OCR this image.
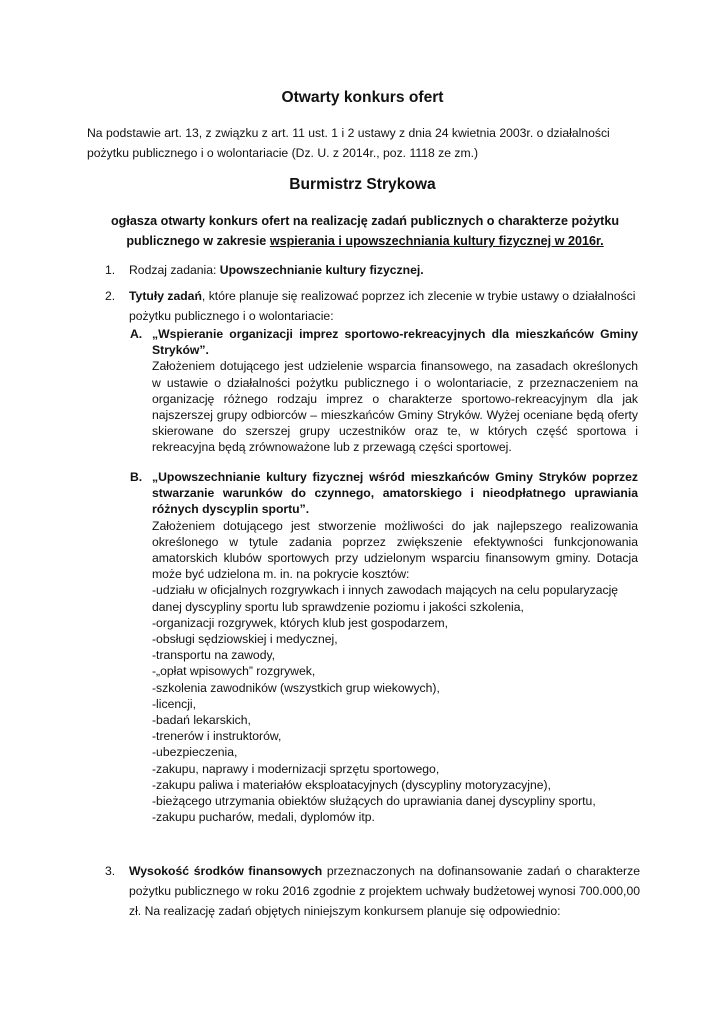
Otwarty konkurs ofert
Na podstawie art. 13, z związku z art. 11 ust. 1 i 2 ustawy z dnia 24 kwietnia 2003r. o działalności pożytku publicznego i o wolontariacie (Dz. U. z 2014r., poz. 1118 ze zm.)
Burmistrz Strykowa
ogłasza otwarty konkurs ofert na realizację zadań publicznych o charakterze pożytku publicznego w zakresie wspierania i upowszechniania kultury fizycznej w 2016r.
1. Rodzaj zadania: Upowszechnianie kultury fizycznej.
2. Tytuły zadań, które planuje się realizować poprzez ich zlecenie w trybie ustawy o działalności pożytku publicznego i o wolontariacie:
A. „Wspieranie organizacji imprez sportowo-rekreacyjnych dla mieszkańców Gminy Stryków”.
Założeniem dotującego jest udzielenie wsparcia finansowego, na zasadach określonych w ustawie o działalności pożytku publicznego i o wolontariacie, z przeznaczeniem na organizację różnego rodzaju imprez o charakterze sportowo-rekreacyjnym dla jak najszerszej grupy odbiorców – mieszkańców Gminy Stryków. Wyżej oceniane będą oferty skierowane do szerszej grupy uczestników oraz te, w których część sportowa i rekreacyjna będą zrównoważone lub z przewagą części sportowej.
B. „Upowszechnianie kultury fizycznej wśród mieszkańców Gminy Stryków poprzez stwarzanie warunków do czynnego, amatorskiego i nieodpłatnego uprawiania różnych dyscyplin sportu”.
Założeniem dotującego jest stworzenie możliwości do jak najlepszego realizowania określonego w tytule zadania poprzez zwiększenie efektywności funkcjonowania amatorskich klubów sportowych przy udzielonym wsparciu finansowym gminy. Dotacja może być udzielona m. in. na pokrycie kosztów:
-udziału w oficjalnych rozgrywkach i innych zawodach mających na celu popularyzację danej dyscypliny sportu lub sprawdzenie poziomu i jakości szkolenia,
-organizacji rozgrywek, których klub jest gospodarzem,
-obsługi sędziowskiej i medycznej,
-transportu na zawody,
-„opłat wpisowych” rozgrywek,
-szkolenia zawodników (wszystkich grup wiekowych),
-licencji,
-badań lekarskich,
-trenerów i instruktorów,
-ubezpieczenia,
-zakupu, naprawy i modernizacji sprzętu sportowego,
-zakupu paliwa i materiałów eksploatacyjnych (dyscypliny motoryzacyjne),
-bieżącego utrzymania obiektów służących do uprawiania danej dyscypliny sportu,
-zakupu pucharów, medali, dyplomów itp.
3. Wysokość środków finansowych przeznaczonych na dofinansowanie zadań o charakterze pożytku publicznego w roku 2016 zgodnie z projektem uchwały budżetowej wynosi 700.000,00 zł. Na realizację zadań objętych niniejszym konkursem planuje się odpowiednio:
